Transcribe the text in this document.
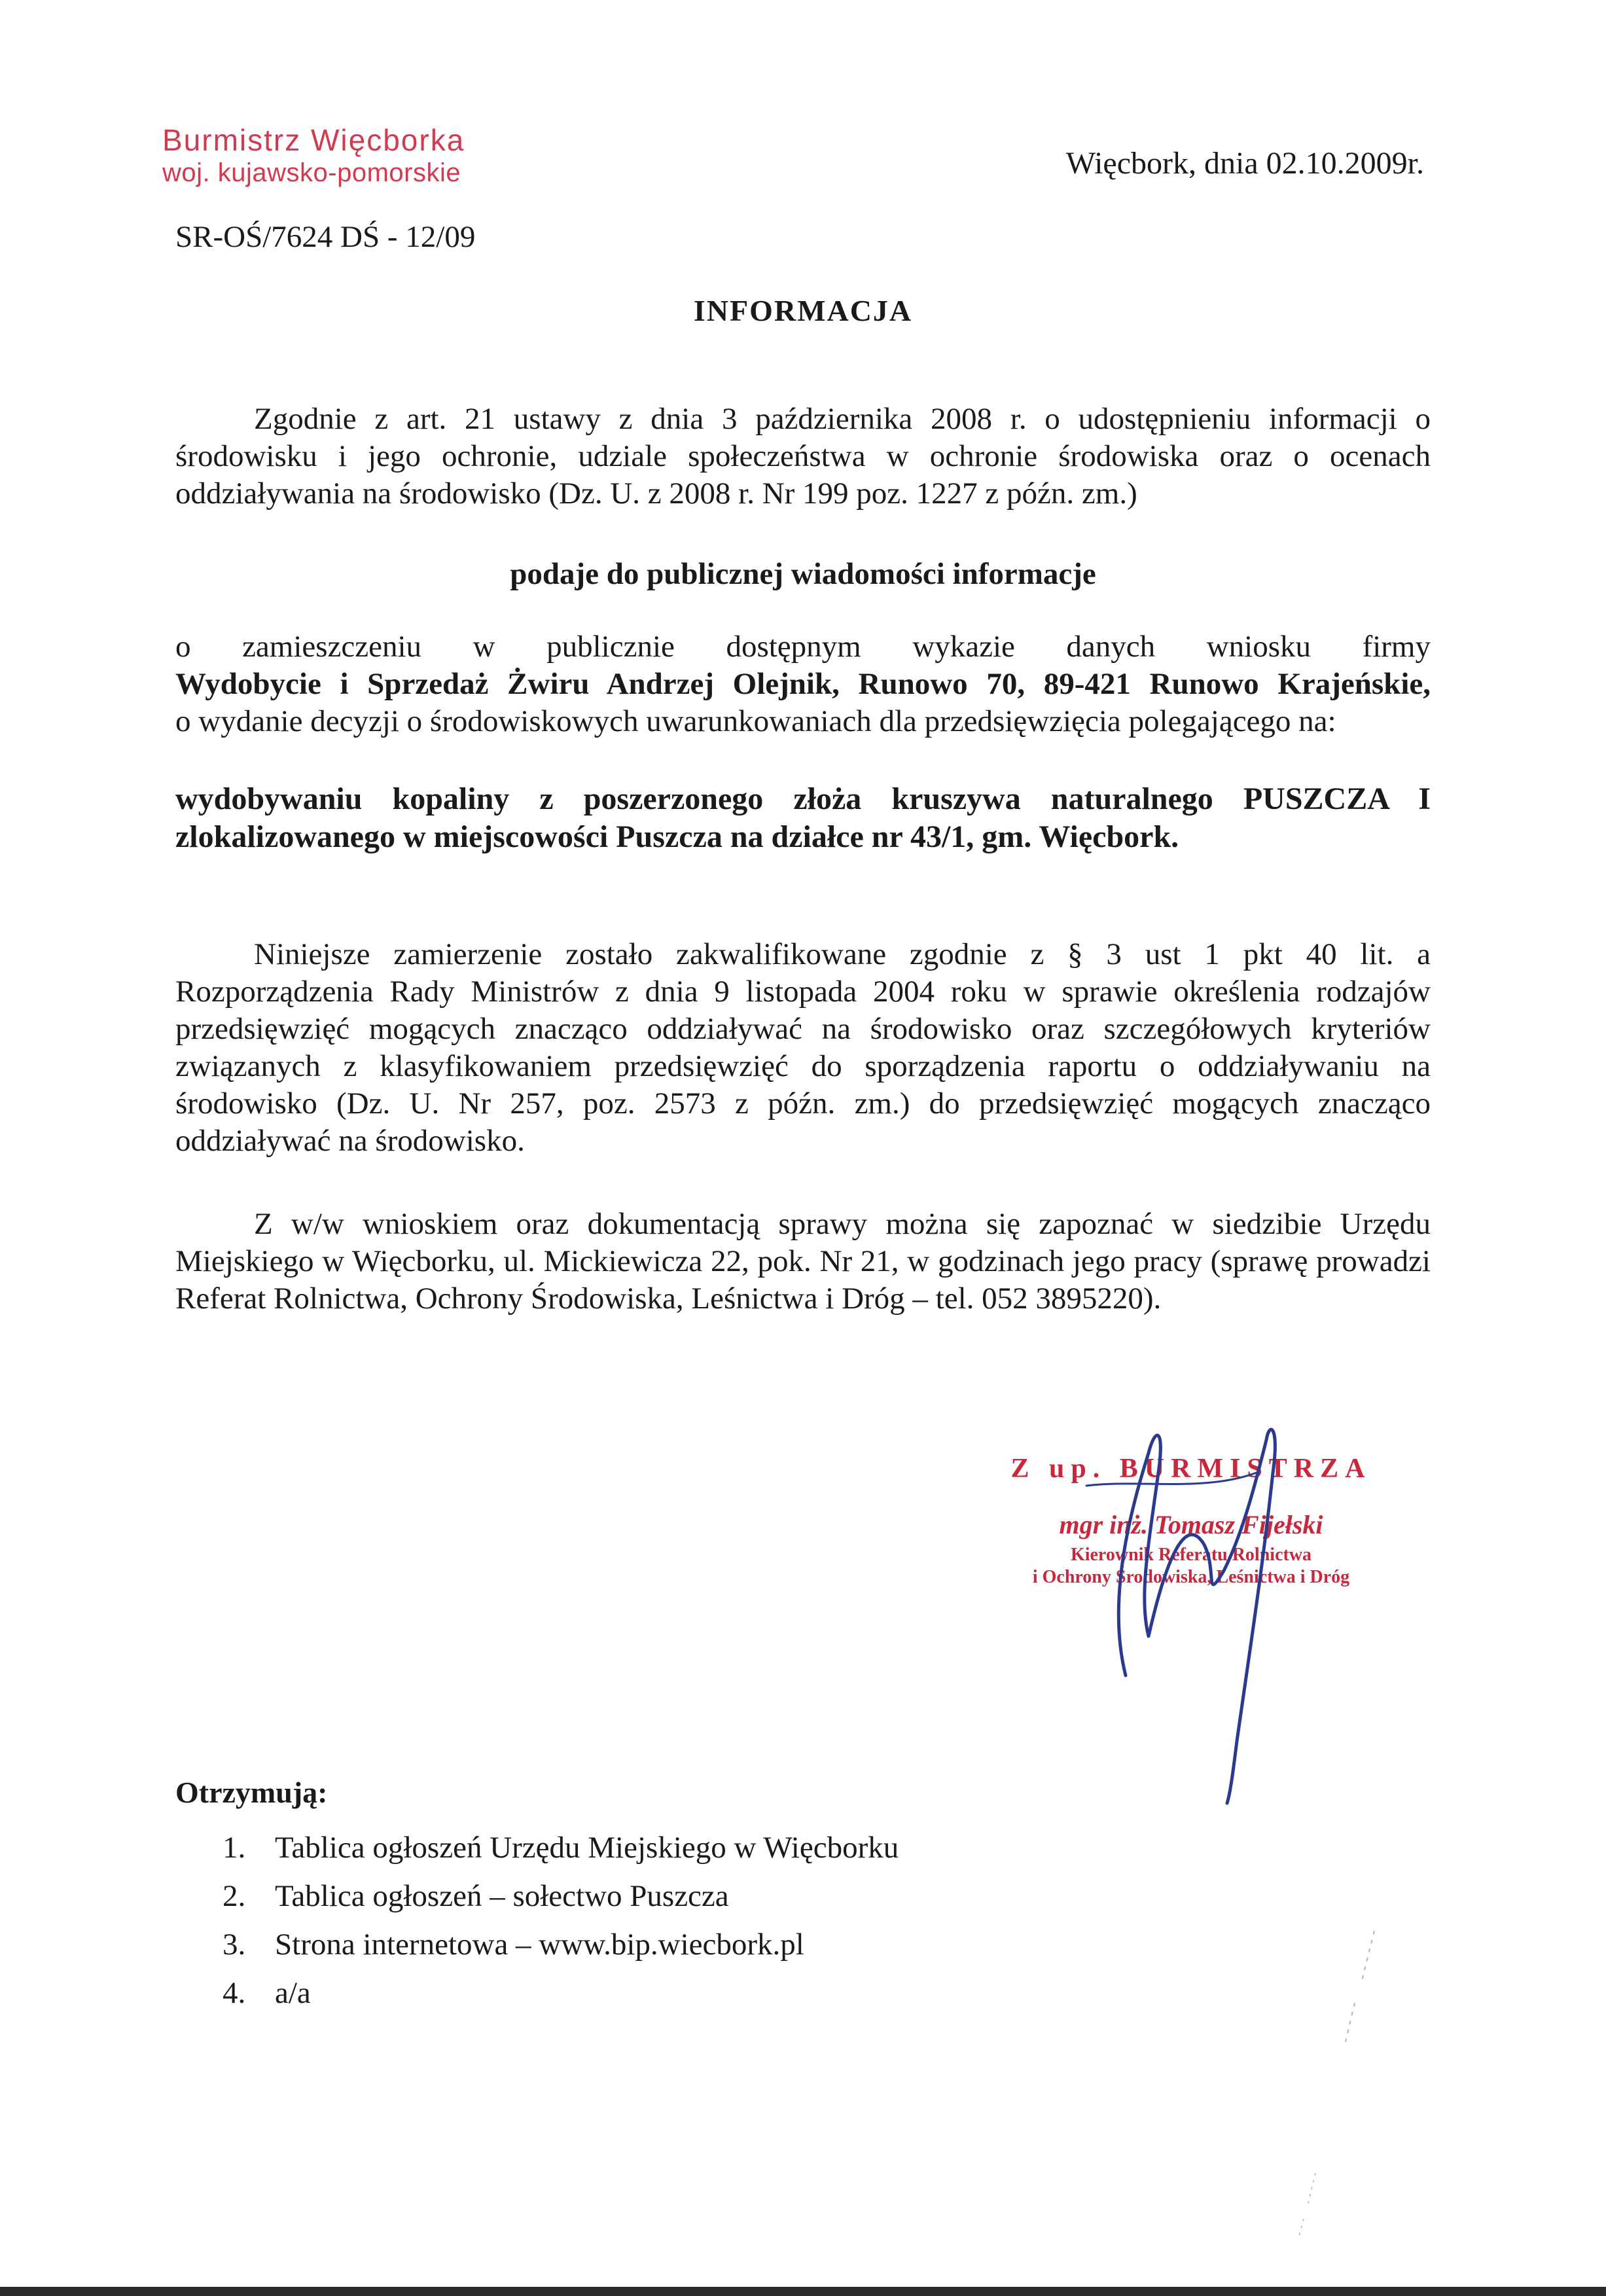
Burmistrz Więcborka
woj. kujawsko-pomorskie	Więcbork, dnia 02.10.2009r.
SR-OŚ/7624 DŚ - 12/09
INFORMACJA
Zgodnie z art. 21 ustawy z dnia 3 października 2008 r. o udostępnieniu informacji o środowisku i jego ochronie, udziale społeczeństwa w ochronie środowiska oraz o ocenach oddziaływania na środowisko (Dz. U. z 2008 r. Nr 199 poz. 1227 z późn. zm.)
podaje do publicznej wiadomości informacje
o zamieszczeniu w publicznie dostępnym wykazie danych wniosku firmy
Wydobycie i Sprzedaż Żwiru Andrzej Olejnik, Runowo 70, 89-421 Runowo Krajeńskie,
o wydanie decyzji o środowiskowych uwarunkowaniach dla przedsięwzięcia polegającego na:
wydobywaniu kopaliny z poszerzonego złoża kruszywa naturalnego PUSZCZA I
zlokalizowanego w miejscowości Puszcza na działce nr 43/1, gm. Więcbork.
Niniejsze zamierzenie zostało zakwalifikowane zgodnie z § 3 ust 1 pkt 40 lit. a Rozporządzenia Rady Ministrów z dnia 9 listopada 2004 roku w sprawie określenia rodzajów przedsięwzięć mogących znacząco oddziaływać na środowisko oraz szczegółowych kryteriów związanych z klasyfikowaniem przedsięwzięć do sporządzenia raportu o oddziaływaniu na środowisko (Dz. U. Nr 257, poz. 2573 z późn. zm.) do przedsięwzięć mogących znacząco oddziaływać na środowisko.
Z w/w wnioskiem oraz dokumentacją sprawy można się zapoznać w siedzibie Urzędu Miejskiego w Więcborku, ul. Mickiewicza 22, pok. Nr 21, w godzinach jego pracy (sprawę prowadzi Referat Rolnictwa, Ochrony Środowiska, Leśnictwa i Dróg – tel. 052 3895220).
Z up. BURMISTRZA
mgr inż. Tomasz Fijełski
Kierownik Referatu Rolnictwa
i Ochrony Środowiska, Leśnictwa i Dróg
Otrzymują:
1. Tablica ogłoszeń Urzędu Miejskiego w Więcborku
2. Tablica ogłoszeń – sołectwo Puszcza
3. Strona internetowa – www.bip.wiecbork.pl
4. a/a
